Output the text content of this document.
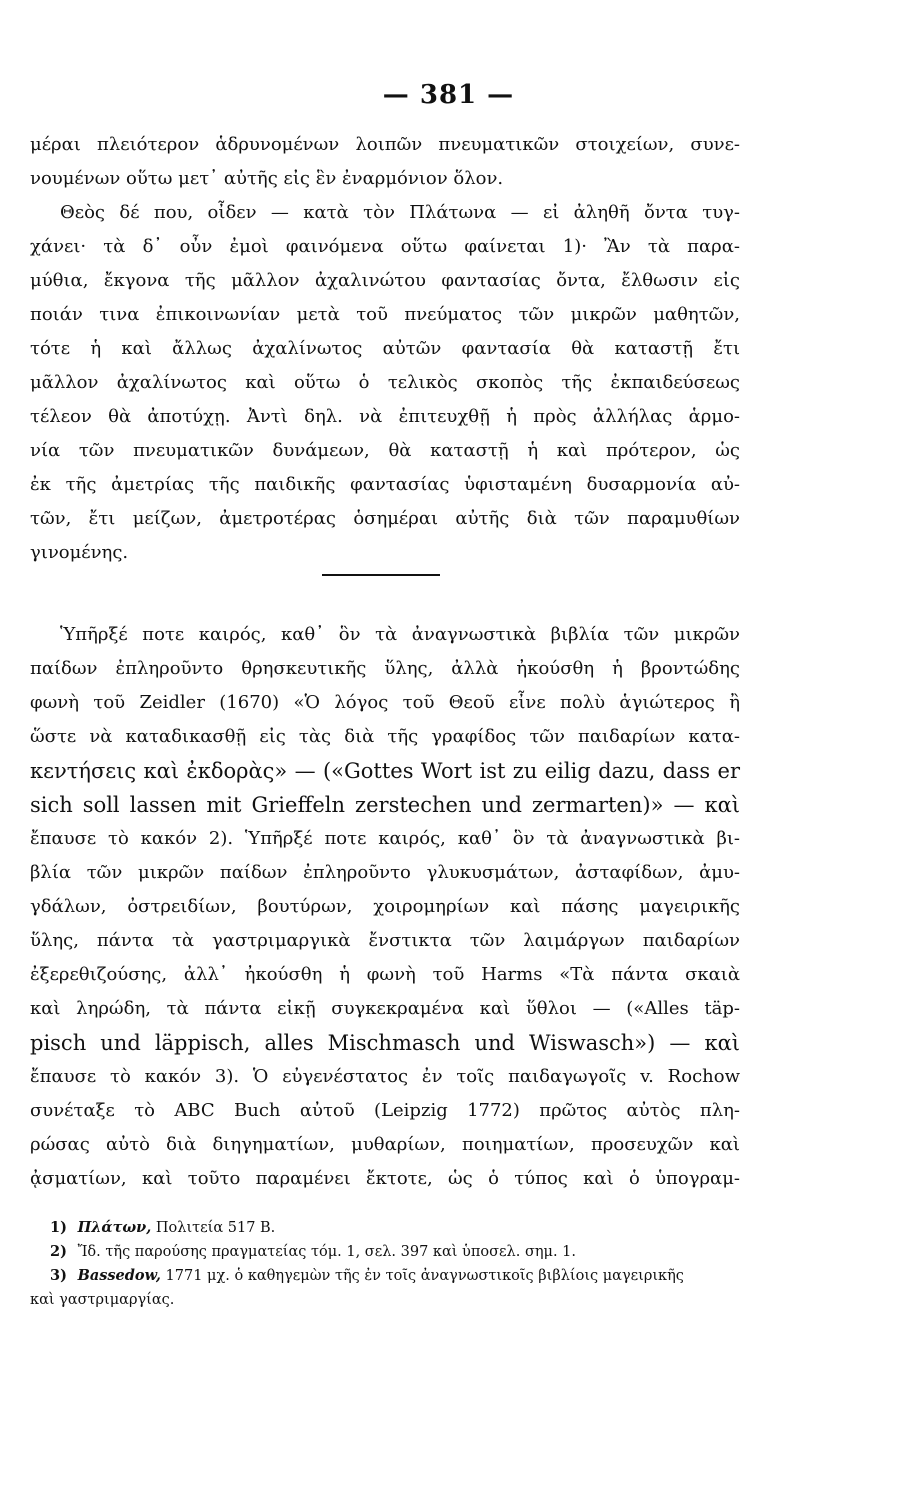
— 381 —
μέραι πλειότερον ἁδρυνομένων λοιπῶν πνευματικῶν στοιχείων, συνε-
νουμένων οὕτω μετ᾽ αὐτῆς εἰς ἓν ἐναρμόνιον ὅλον.
Θεὸς δέ που, οἶδεν — κατὰ τὸν Πλάτωνα — εἰ ἀληθῆ ὄντα τυγ-
χάνει· τὰ δ᾽ οὖν ἐμοὶ φαινόμενα οὕτω φαίνεται 1)· Ἂν τὰ παρα-
μύθια, ἔκγονα τῆς μᾶλλον ἀχαλινώτου φαντασίας ὄντα, ἔλθωσιν εἰς
ποιάν τινα ἐπικοινωνίαν μετὰ τοῦ πνεύματος τῶν μικρῶν μαθητῶν,
τότε ἡ καὶ ἄλλως ἀχαλίνωτος αὐτῶν φαντασία θὰ καταστῇ ἔτι
μᾶλλον ἀχαλίνωτος καὶ οὕτω ὁ τελικὸς σκοπὸς τῆς ἐκπαιδεύσεως
τέλεον θὰ ἀποτύχῃ. Ἀντὶ δηλ. νὰ ἐπιτευχθῇ ἡ πρὸς ἀλλήλας ἁρμο-
νία τῶν πνευματικῶν δυνάμεων, θὰ καταστῇ ἡ καὶ πρότερον, ὡς
ἐκ τῆς ἀμετρίας τῆς παιδικῆς φαντασίας ὑφισταμένη δυσαρμονία αὐ-
τῶν, ἔτι μείζων, ἀμετροτέρας ὁσημέραι αὐτῆς διὰ τῶν παραμυθίων
γινομένης.
Ὑπῆρξέ ποτε καιρός, καθ᾽ ὃν τὰ ἀναγνωστικὰ βιβλία τῶν μικρῶν
παίδων ἐπληροῦντο θρησκευτικῆς ὕλης, ἀλλὰ ἠκούσθη ἡ βροντώδης
φωνὴ τοῦ Zeidler (1670) «Ὁ λόγος τοῦ Θεοῦ εἶνε πολὺ ἁγιώτερος ἢ
ὥστε νὰ καταδικασθῇ εἰς τὰς διὰ τῆς γραφίδος τῶν παιδαρίων κατα-
κεντήσεις καὶ ἐκδορὰς» — («Gottes Wort ist zu eilig dazu, dass er
sich soll lassen mit Grieffeln zerstechen und zermarten)» — καὶ
ἔπαυσε τὸ κακόν 2). Ὑπῆρξέ ποτε καιρός, καθ᾽ ὃν τὰ ἀναγνωστικὰ βι-
βλία τῶν μικρῶν παίδων ἐπληροῦντο γλυκυσμάτων, ἀσταφίδων, ἀμυ-
γδάλων, ὀστρειδίων, βουτύρων, χοιρομηρίων καὶ πάσης μαγειρικῆς
ὕλης, πάντα τὰ γαστριμαργικὰ ἔνστικτα τῶν λαιμάργων παιδαρίων
ἐξερεθιζούσης, ἀλλ᾽ ἠκούσθη ἡ φωνὴ τοῦ Harms «Τὰ πάντα σκαιὰ
καὶ ληρώδη, τὰ πάντα εἰκῇ συγκεκραμένα καὶ ὕθλοι — («Alles täp-
pisch und läppisch, alles Mischmasch und Wiswasch») — καὶ
ἔπαυσε τὸ κακόν 3). Ὁ εὐγενέστατος ἐν τοῖς παιδαγωγοῖς v. Rochow
συνέταξε τὸ ABC Buch αὐτοῦ (Leipzig 1772) πρῶτος αὐτὸς πλη-
ρώσας αὐτὸ διὰ διηγηματίων, μυθαρίων, ποιηματίων, προσευχῶν καὶ
ᾀσματίων, καὶ τοῦτο παραμένει ἔκτοτε, ὡς ὁ τύπος καὶ ὁ ὑπογραμ-
1) Πλάτων, Πολιτεία 517 B.
2) Ἴδ. τῆς παρούσης πραγματείας τόμ. 1, σελ. 397 καὶ ὑποσελ. σημ. 1.
3) Bassedow, 1771 μχ. ὁ καθηγεμὼν τῆς ἐν τοῖς ἀναγνωστικοῖς βιβλίοις μαγειρικῆς
καὶ γαστριμαργίας.
